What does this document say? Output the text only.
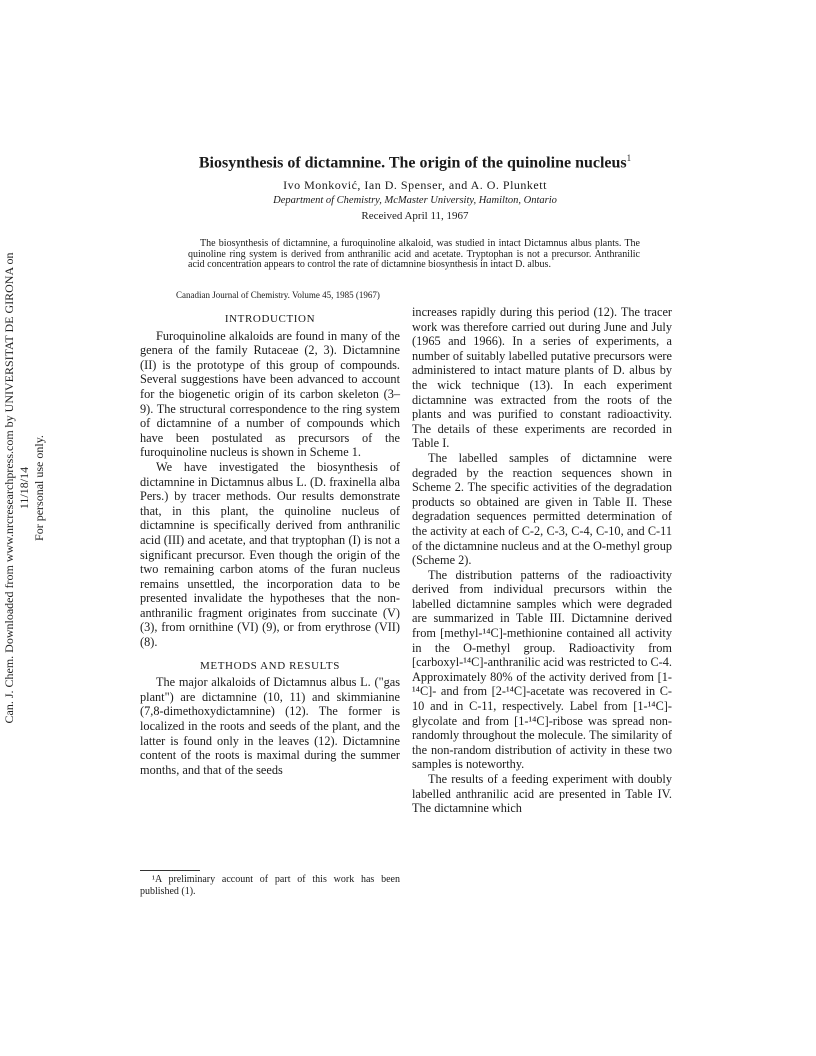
Can. J. Chem. Downloaded from www.nrcresearchpress.com by UNIVERSITAT DE GIRONA on 11/18/14 For personal use only.
Biosynthesis of dictamnine. The origin of the quinoline nucleus$^1$
Ivo Monković, Ian D. Spenser, and A. O. Plunkett
Department of Chemistry, McMaster University, Hamilton, Ontario
Received April 11, 1967

The biosynthesis of dictamnine, a furoquinoline alkaloid, was studied in intact Dictamnus albus plants. The quinoline ring system is derived from anthranilic acid and acetate. Tryptophan is not a precursor. Anthranilic acid concentration appears to control the rate of dictamnine biosynthesis in intact D. albus.

Canadian Journal of Chemistry. Volume 45, 1985 (1967)
INTRODUCTION

Furoquinoline alkaloids are found in many of the genera of the family Rutaceae (2, 3). Dictamnine (II) is the prototype of this group of compounds. Several suggestions have been advanced to account for the biogenetic origin of its carbon skeleton (3–9). The structural correspondence to the ring system of dictamnine of a number of compounds which have been postulated as precursors of the furoquinoline nucleus is shown in Scheme 1.

We have investigated the biosynthesis of dictamnine in Dictamnus albus L. (D. fraxinella alba Pers.) by tracer methods. Our results demonstrate that, in this plant, the quinoline nucleus of dictamnine is specifically derived from anthranilic acid (III) and acetate, and that tryptophan (I) is not a significant precursor. Even though the origin of the two remaining carbon atoms of the furan nucleus remains unsettled, the incorporation data to be presented invalidate the hypotheses that the non-anthranilic fragment originates from succinate (V) (3), from ornithine (VI) (9), or from erythrose (VII) (8).

METHODS AND RESULTS

The major alkaloids of Dictamnus albus L. ("gas plant") are dictamnine (10, 11) and skimmianine (7,8-dimethoxydictamnine) (12). The former is localized in the roots and seeds of the plant, and the latter is found only in the leaves (12). Dictamnine content of the roots is maximal during the summer months, and that of the seeds

increases rapidly during this period (12). The tracer work was therefore carried out during June and July (1965 and 1966). In a series of experiments, a number of suitably labelled putative precursors were administered to intact mature plants of D. albus by the wick technique (13). In each experiment dictamnine was extracted from the roots of the plants and was purified to constant radioactivity. The details of these experiments are recorded in Table I.

The labelled samples of dictamnine were degraded by the reaction sequences shown in Scheme 2. The specific activities of the degradation products so obtained are given in Table II. These degradation sequences permitted determination of the activity at each of C-2, C-3, C-4, C-10, and C-11 of the dictamnine nucleus and at the O-methyl group (Scheme 2).

The distribution patterns of the radioactivity derived from individual precursors within the labelled dictamnine samples which were degraded are summarized in Table III. Dictamnine derived from [methyl-¹⁴C]-methionine contained all activity in the O-methyl group. Radioactivity from [carboxyl-¹⁴C]-anthranilic acid was restricted to C-4. Approximately 80% of the activity derived from [1-¹⁴C]- and from [2-¹⁴C]-acetate was recovered in C-10 and in C-11, respectively. Label from [1-¹⁴C]-glycolate and from [1-¹⁴C]-ribose was spread non-randomly throughout the molecule. The similarity of the non-random distribution of activity in these two samples is noteworthy.

The results of a feeding experiment with doubly labelled anthranilic acid are presented in Table IV. The dictamnine which

¹A preliminary account of part of this work has been published (1).
